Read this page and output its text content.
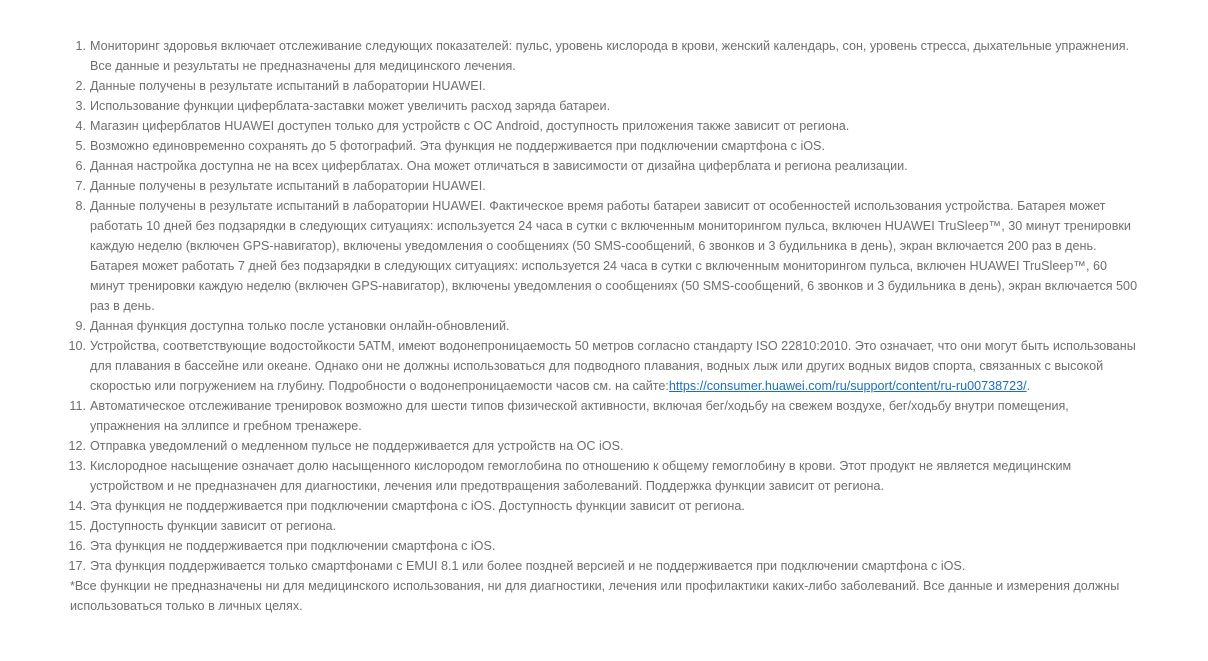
Мониторинг здоровья включает отслеживание следующих показателей: пульс, уровень кислорода в крови, женский календарь, сон, уровень стресса, дыхательные упражнения. Все данные и результаты не предназначены для медицинского лечения.
Данные получены в результате испытаний в лаборатории HUAWEI.
Использование функции циферблата-заставки может увеличить расход заряда батареи.
Магазин циферблатов HUAWEI доступен только для устройств с ОС Android, доступность приложения также зависит от региона.
Возможно единовременно сохранять до 5 фотографий. Эта функция не поддерживается при подключении смартфона с iOS.
Данная настройка доступна не на всех циферблатах. Она может отличаться в зависимости от дизайна циферблата и региона реализации.
Данные получены в результате испытаний в лаборатории HUAWEI.
Данные получены в результате испытаний в лаборатории HUAWEI. Фактическое время работы батареи зависит от особенностей использования устройства. Батарея может работать 10 дней без подзарядки в следующих ситуациях: используется 24 часа в сутки с включенным мониторингом пульса, включен HUAWEI TruSleep™, 30 минут тренировки каждую неделю (включен GPS-навигатор), включены уведомления о сообщениях (50 SMS-сообщений, 6 звонков и 3 будильника в день), экран включается 200 раз в день. Батарея может работать 7 дней без подзарядки в следующих ситуациях: используется 24 часа в сутки с включенным мониторингом пульса, включен HUAWEI TruSleep™, 60 минут тренировки каждую неделю (включен GPS-навигатор), включены уведомления о сообщениях (50 SMS-сообщений, 6 звонков и 3 будильника в день), экран включается 500 раз в день.
Данная функция доступна только после установки онлайн-обновлений.
Устройства, соответствующие водостойкости 5ATM, имеют водонепроницаемость 50 метров согласно стандарту ISO 22810:2010. Это означает, что они могут быть использованы для плавания в бассейне или океане. Однако они не должны использоваться для подводного плавания, водных лыж или других водных видов спорта, связанных с высокой скоростью или погружением на глубину. Подробности о водонепроницаемости часов см. на сайте:https://consumer.huawei.com/ru/support/content/ru-ru00738723/.
Автоматическое отслеживание тренировок возможно для шести типов физической активности, включая бег/ходьбу на свежем воздухе, бег/ходьбу внутри помещения, упражнения на эллипсе и гребном тренажере.
Отправка уведомлений о медленном пульсе не поддерживается для устройств на ОС iOS.
Кислородное насыщение означает долю насыщенного кислородом гемоглобина по отношению к общему гемоглобину в крови. Этот продукт не является медицинским устройством и не предназначен для диагностики, лечения или предотвращения заболеваний. Поддержка функции зависит от региона.
Эта функция не поддерживается при подключении смартфона с iOS. Доступность функции зависит от региона.
Доступность функции зависит от региона.
Эта функция не поддерживается при подключении смартфона с iOS.
Эта функция поддерживается только смартфонами с EMUI 8.1 или более поздней версией и не поддерживается при подключении смартфона с iOS.

*Все функции не предназначены ни для медицинского использования, ни для диагностики, лечения или профилактики каких-либо заболеваний. Все данные и измерения должны использоваться только в личных целях.
